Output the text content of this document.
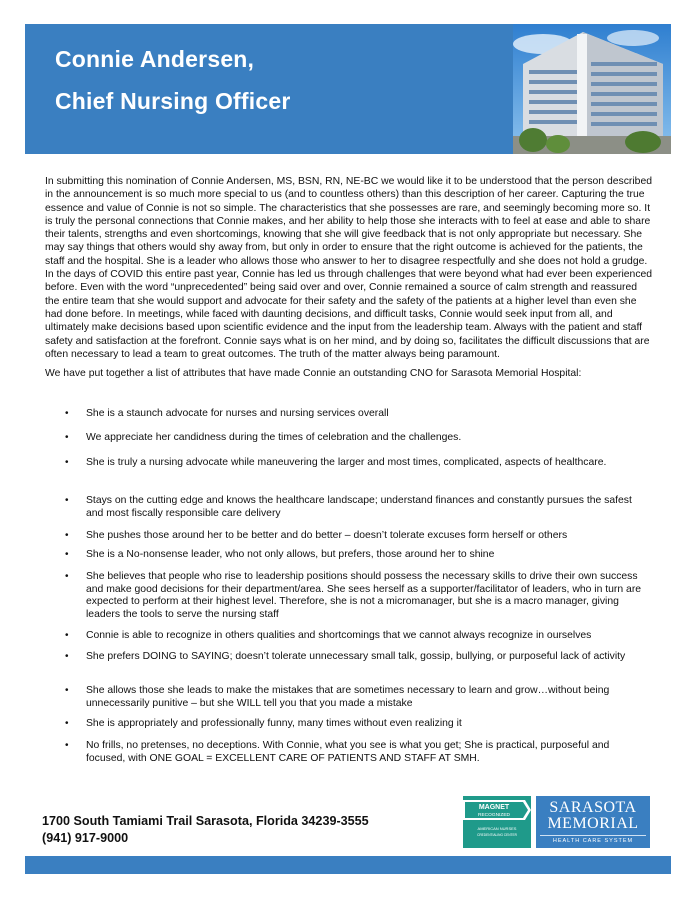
Connie Andersen,
Chief Nursing Officer

In submitting this nomination of Connie Andersen, MS, BSN, RN, NE-BC we would like it to be understood that the person described in the announcement is so much more special to us (and to countless others) than this description of her career. Capturing the true essence and value of Connie is not so simple. The characteristics that she possesses are rare, and seemingly becoming more so. It is truly the personal connections that Connie makes, and her ability to help those she interacts with to feel at ease and able to share their talents, strengths and even shortcomings, knowing that she will give feedback that is not only appropriate but necessary. She may say things that others would shy away from, but only in order to ensure that the right outcome is achieved for the patients, the staff and the hospital. She is a leader who allows those who answer to her to disagree respectfully and she does not hold a grudge. In the days of COVID this entire past year, Connie has led us through challenges that were beyond what had ever been experienced before. Even with the word “unprecedented” being said over and over, Connie remained a source of calm strength and reassured the entire team that she would support and advocate for their safety and the safety of the patients at a higher level than even she had done before. In meetings, while faced with daunting decisions, and difficult tasks, Connie would seek input from all, and ultimately make decisions based upon scientific evidence and the input from the leadership team. Always with the patient and staff safety and satisfaction at the forefront. Connie says what is on her mind, and by doing so, facilitates the difficult discussions that are often necessary to lead a team to great outcomes. The truth of the matter always being paramount.

We have put together a list of attributes that have made Connie an outstanding CNO for Sarasota Memorial Hospital:

• She is a staunch advocate for nurses and nursing services overall
• We appreciate her candidness during the times of celebration and the challenges.
• She is truly a nursing advocate while maneuvering the larger and most times, complicated, aspects of healthcare.
• Stays on the cutting edge and knows the healthcare landscape; understand finances and constantly pursues the safest and most fiscally responsible care delivery
• She pushes those around her to be better and do better – doesn’t tolerate excuses form herself or others
• She is a No-nonsense leader, who not only allows, but prefers, those around her to shine
• She believes that people who rise to leadership positions should possess the necessary skills to drive their own success and make good decisions for their department/area. She sees herself as a supporter/facilitator of leaders, who in turn are expected to perform at their highest level. Therefore, she is not a micromanager, but she is a macro manager, giving leaders the tools to serve the nursing staff
• Connie is able to recognize in others qualities and shortcomings that we cannot always recognize in ourselves
• She prefers DOING to SAYING; doesn’t tolerate unnecessary small talk, gossip, bullying, or purposeful lack of activity
• She allows those she leads to make the mistakes that are sometimes necessary to learn and grow…without being unnecessarily punitive – but she WILL tell you that you made a mistake
• She is appropriately and professionally funny, many times without even realizing it
• No frills, no pretenses, no deceptions. With Connie, what you see is what you get; She is practical, purposeful and focused, with ONE GOAL = EXCELLENT CARE OF PATIENTS AND STAFF AT SMH.
1700 South Tamiami Trail Sarasota, Florida 34239-3555
(941) 917-9000
MAGNET
RECOGNIZED
AMERICAN NURSES
CREDENTIALING CENTER
SARASOTA
MEMORIAL
HEALTH CARE SYSTEM
